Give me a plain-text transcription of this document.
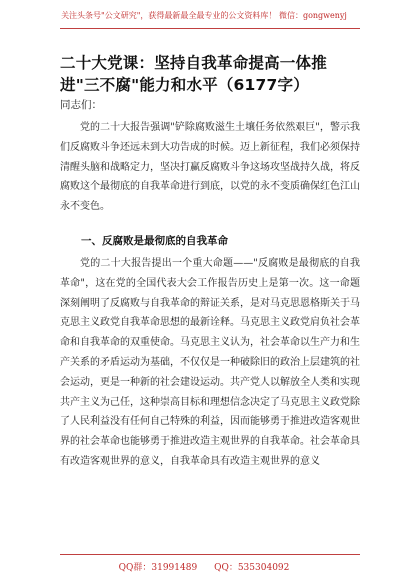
关注头条号"公文研究"，获得最新最全最专业的公文资料库！ 微信：gongwenyj
二十大党课：坚持自我革命提高一体推进"三不腐"能力和水平（6177字）
同志们：
党的二十大报告强调"铲除腐败滋生土壤任务依然艰巨"，警示我们反腐败斗争还远未到大功告成的时候。迈上新征程，我们必须保持清醒头脑和战略定力，坚决打赢反腐败斗争这场攻坚战持久战，将反腐败这个最彻底的自我革命进行到底，以党的永不变质确保红色江山永不变色。
一、反腐败是最彻底的自我革命
党的二十大报告提出一个重大命题——"反腐败是最彻底的自我革命"，这在党的全国代表大会工作报告历史上是第一次。这一命题深刻阐明了反腐败与自我革命的辩证关系，是对马克思恩格斯关于马克思主义政党自我革命思想的最新诠释。马克思主义政党肩负社会革命和自我革命的双重使命。马克思主义认为，社会革命以生产力和生产关系的矛盾运动为基础，不仅仅是一种破除旧的政治上层建筑的社会运动，更是一种新的社会建设运动。共产党人以解放全人类和实现共产主义为己任，这种崇高目标和理想信念决定了马克思主义政党除了人民利益没有任何自己特殊的利益，因而能够勇于推进改造客观世界的社会革命也能够勇于推进改造主观世界的自我革命。社会革命具有改造客观世界的意义，自我革命具有改造主观世界的意义
QQ群：31991489 QQ：535304092
